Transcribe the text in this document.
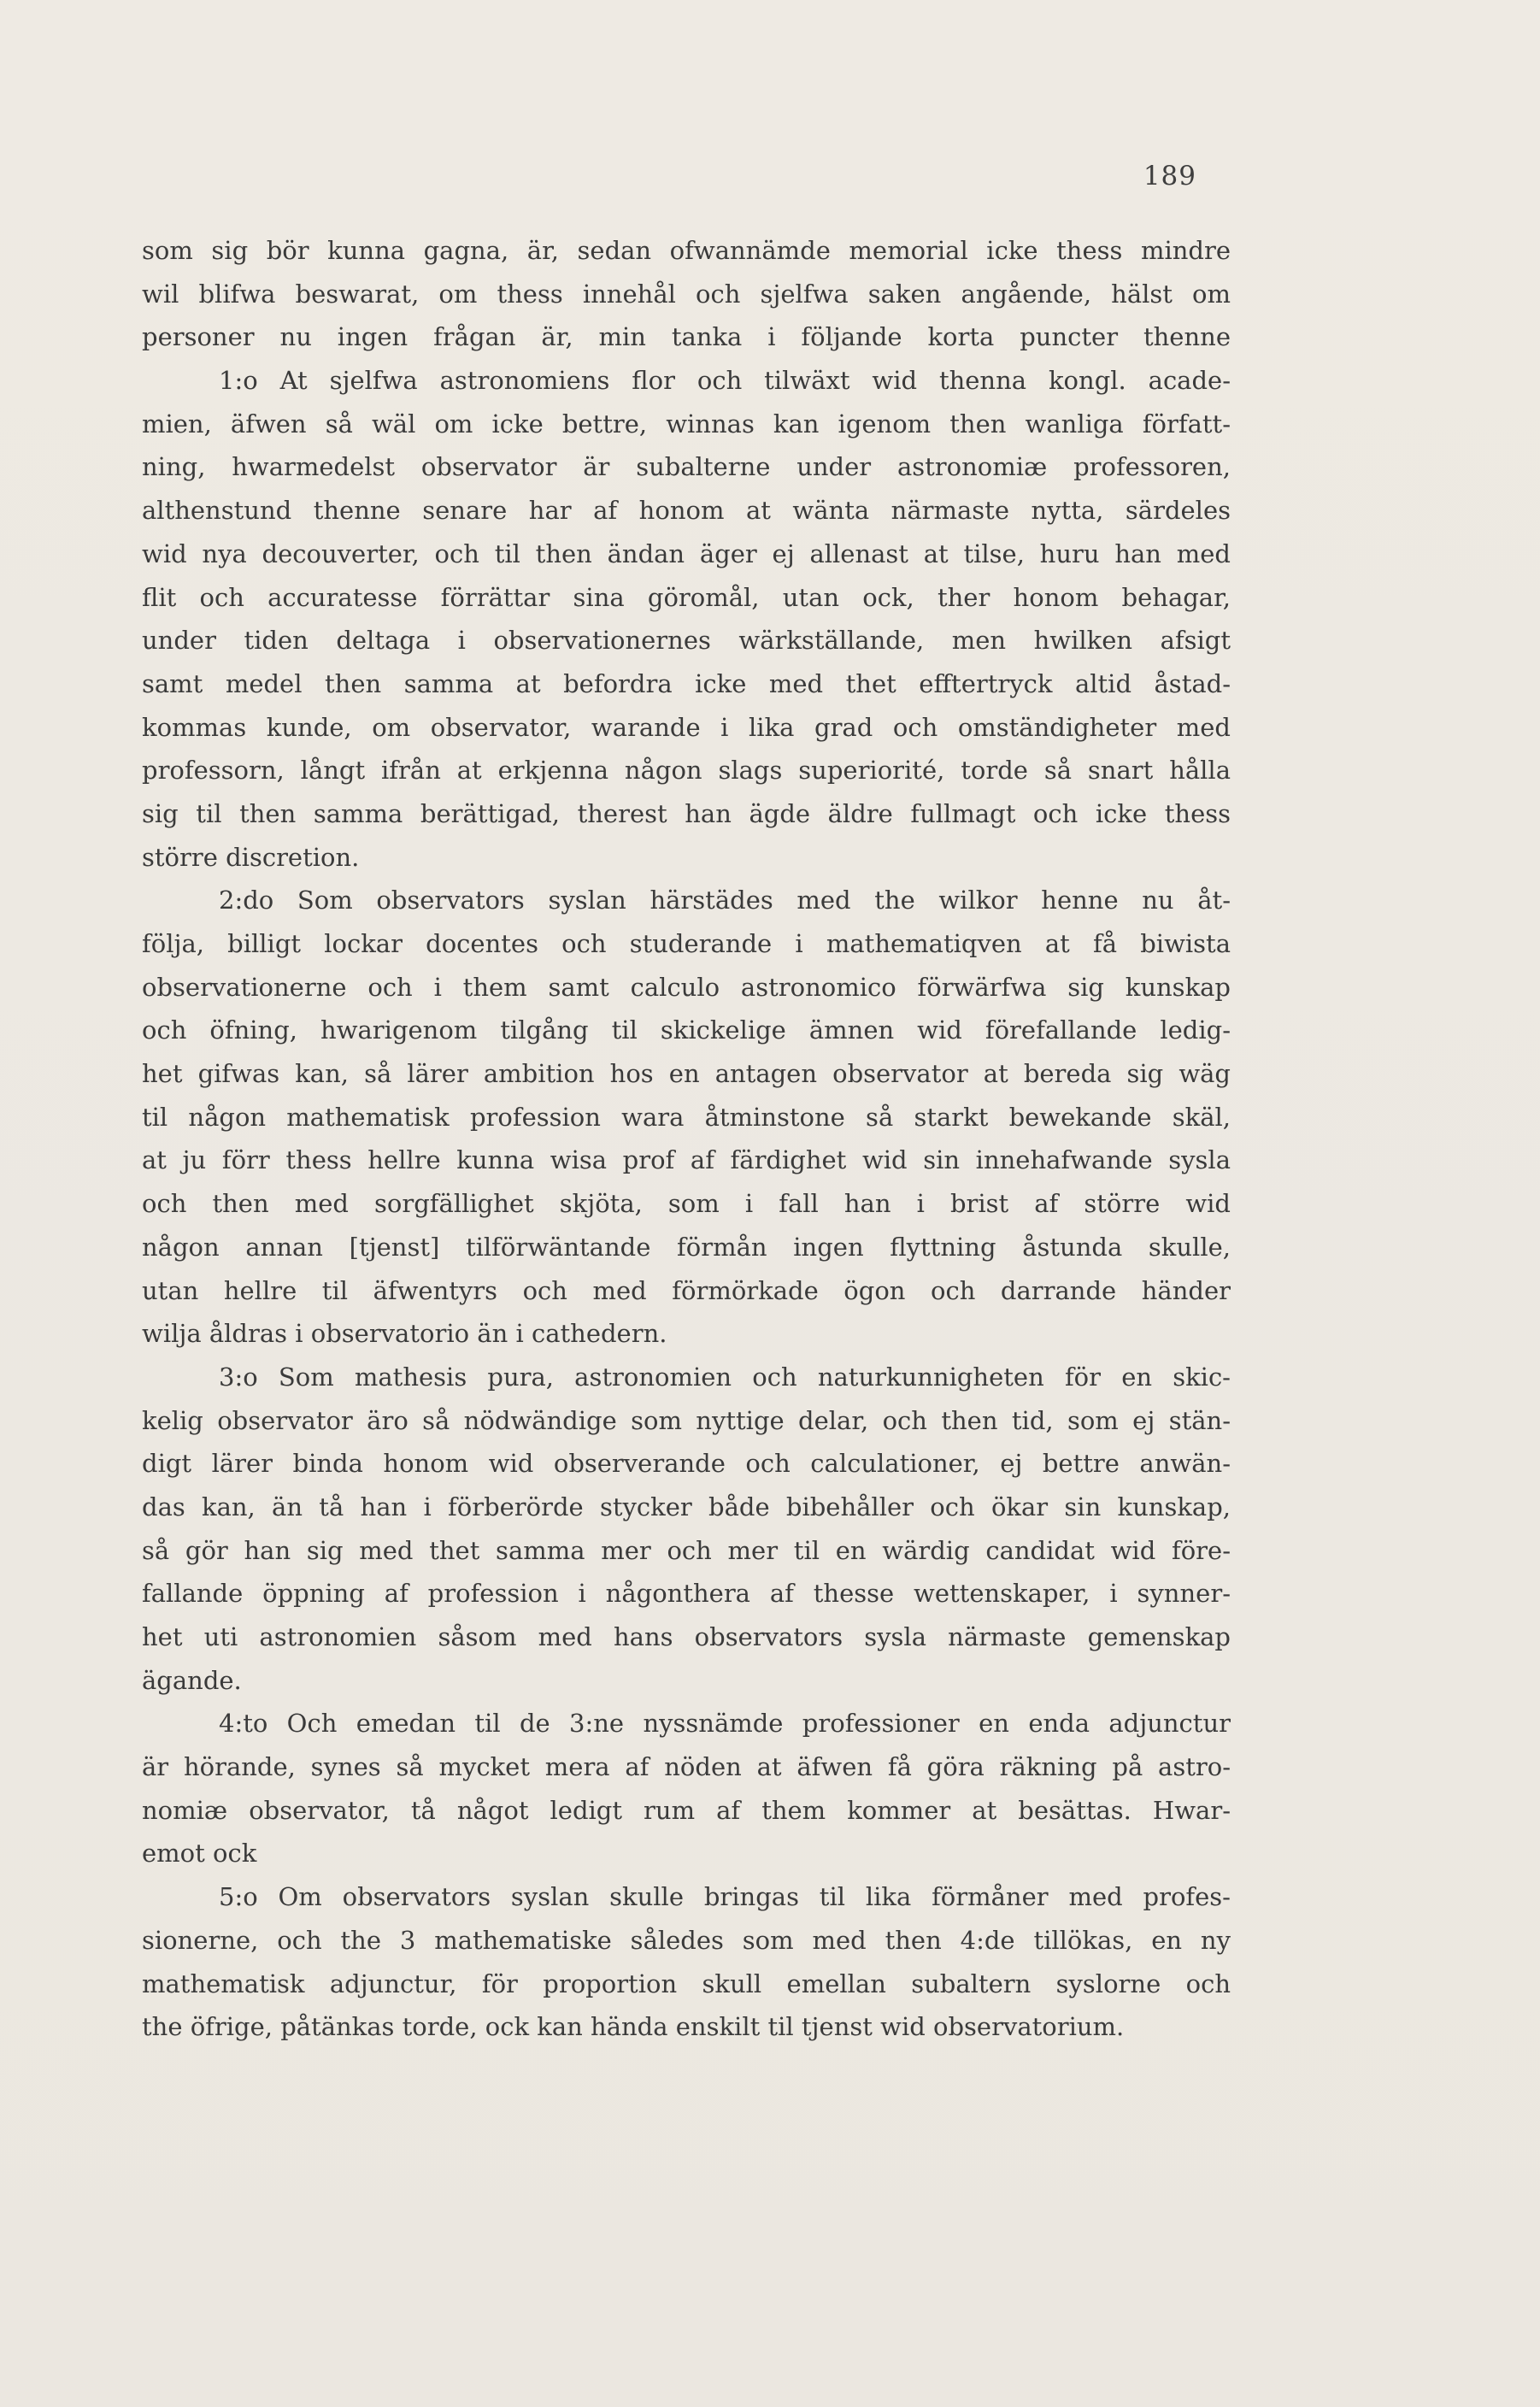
189
som sig bör kunna gagna, är, sedan ofwannämde memorial icke thess mindre
wil blifwa beswarat, om thess innehål och sjelfwa saken angående, hälst om
personer nu ingen frågan är, min tanka i följande korta puncter thenne
1:o At sjelfwa astronomiens flor och tilwäxt wid thenna kongl. acade-
mien, äfwen så wäl om icke bettre, winnas kan igenom then wanliga författ-
ning, hwarmedelst observator är subalterne under astronomiæ professoren,
althenstund thenne senare har af honom at wänta närmaste nytta, särdeles
wid nya decouverter, och til then ändan äger ej allenast at tilse, huru han med
flit och accuratesse förrättar sina göromål, utan ock, ther honom behagar,
under tiden deltaga i observationernes wärkställande, men hwilken afsigt
samt medel then samma at befordra icke med thet efftertryck altid åstad-
kommas kunde, om observator, warande i lika grad och omständigheter med
professorn, långt ifrån at erkjenna någon slags superiorité, torde så snart hålla
sig til then samma berättigad, therest han ägde äldre fullmagt och icke thess
större discretion.
2:do Som observators syslan härstädes med the wilkor henne nu åt-
följa, billigt lockar docentes och studerande i mathematiqven at få biwista
observationerne och i them samt calculo astronomico förwärfwa sig kunskap
och öfning, hwarigenom tilgång til skickelige ämnen wid förefallande ledig-
het gifwas kan, så lärer ambition hos en antagen observator at bereda sig wäg
til någon mathematisk profession wara åtminstone så starkt bewekande skäl,
at ju förr thess hellre kunna wisa prof af färdighet wid sin innehafwande sysla
och then med sorgfällighet skjöta, som i fall han i brist af större wid
någon annan [tjenst] tilförwäntande förmån ingen flyttning åstunda skulle,
utan hellre til äfwentyrs och med förmörkade ögon och darrande händer
wilja åldras i observatorio än i cathedern.
3:o Som mathesis pura, astronomien och naturkunnigheten för en skic-
kelig observator äro så nödwändige som nyttige delar, och then tid, som ej stän-
digt lärer binda honom wid observerande och calculationer, ej bettre anwän-
das kan, än tå han i förberörde stycker både bibehåller och ökar sin kunskap,
så gör han sig med thet samma mer och mer til en wärdig candidat wid före-
fallande öppning af profession i någonthera af thesse wettenskaper, i synner-
het uti astronomien såsom med hans observators sysla närmaste gemenskap
ägande.
4:to Och emedan til de 3:ne nyssnämde professioner en enda adjunctur
är hörande, synes så mycket mera af nöden at äfwen få göra räkning på astro-
nomiæ observator, tå något ledigt rum af them kommer at besättas. Hwar-
emot ock
5:o Om observators syslan skulle bringas til lika förmåner med profes-
sionerne, och the 3 mathematiske således som med then 4:de tillökas, en ny
mathematisk adjunctur, för proportion skull emellan subaltern syslorne och
the öfrige, påtänkas torde, ock kan hända enskilt til tjenst wid observatorium.
